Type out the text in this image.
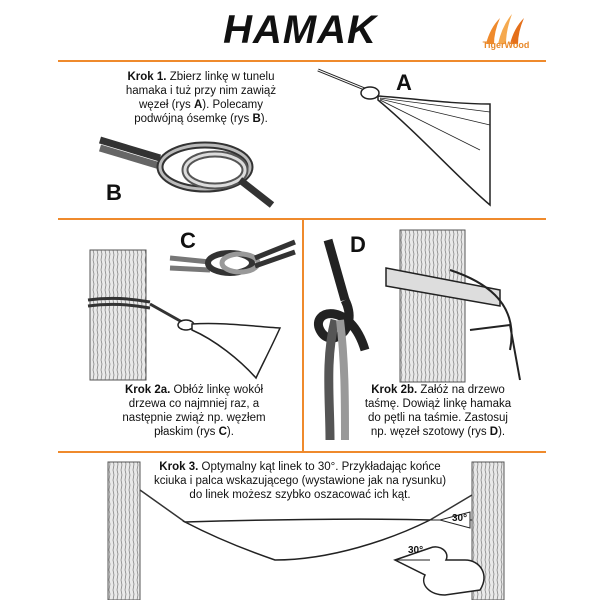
HAMAK	TigerWood
Krok 1. Zbierz linkę w tunelu
hamaka i tuż przy nim zawiąż
węzeł (rys A). Polecamy
podwójną ósemkę (rys B).
Krok 2a. Obłóż linkę wokół
drzewa co najmniej raz, a
następnie zwiąż np. węzłem
płaskim (rys C).
Krok 2b. Załóż na drzewo
taśmę. Dowiąż linkę hamaka
do pętli na taśmie. Zastosuj
np. węzeł szotowy (rys D).
Krok 3. Optymalny kąt linek to 30°. Przykładając końce
kciuka i palca wskazującego (wystawione jak na rysunku)
do linek możesz szybko oszacować ich kąt.
A
B
C	D
30°
30°
